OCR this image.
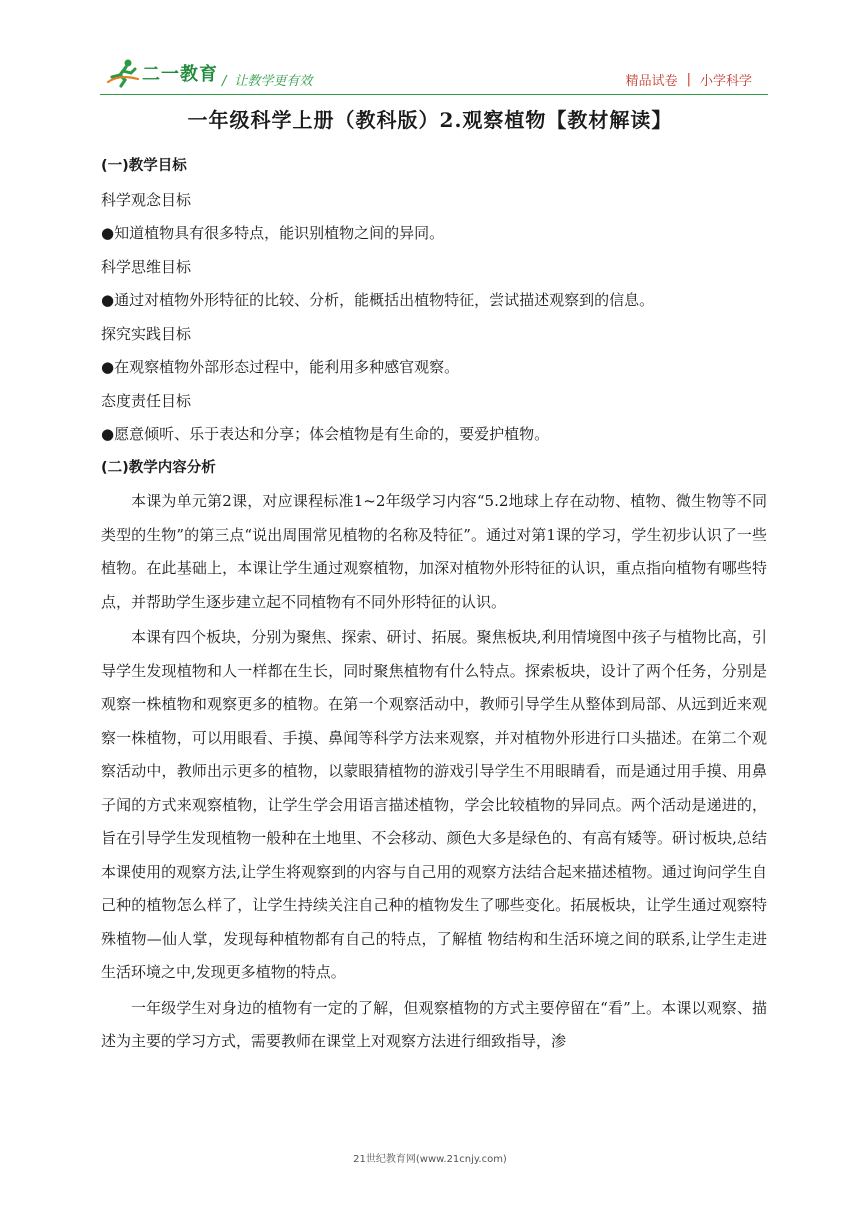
二一教育 / 让教学更有效	精品试卷 | 小学科学
一年级科学上册（教科版）2.观察植物【教材解读】
(一)教学目标
科学观念目标
●知道植物具有很多特点，能识别植物之间的异同。
科学思维目标
●通过对植物外形特征的比较、分析，能概括出植物特征，尝试描述观察到的信息。
探究实践目标
●在观察植物外部形态过程中，能利用多种感官观察。
态度责任目标
●愿意倾听、乐于表达和分享；体会植物是有生命的，要爱护植物。
(二)教学内容分析

本课为单元第2课，对应课程标准1~2年级学习内容“5.2地球上存在动物、植物、微生物等不同类型的生物”的第三点“说出周围常见植物的名称及特征”。通过对第1课的学习，学生初步认识了一些植物。在此基础上，本课让学生通过观察植物，加深对植物外形特征的认识，重点指向植物有哪些特点，并帮助学生逐步建立起不同植物有不同外形特征的认识。

本课有四个板块，分别为聚焦、探索、研讨、拓展。聚焦板块,利用情境图中孩子与植物比高，引导学生发现植物和人一样都在生长，同时聚焦植物有什么特点。探索板块，设计了两个任务，分别是观察一株植物和观察更多的植物。在第一个观察活动中，教师引导学生从整体到局部、从远到近来观察一株植物，可以用眼看、手摸、鼻闻等科学方法来观察，并对植物外形进行口头描述。在第二个观察活动中，教师出示更多的植物，以蒙眼猜植物的游戏引导学生不用眼睛看，而是通过用手摸、用鼻子闻的方式来观察植物，让学生学会用语言描述植物，学会比较植物的异同点。两个活动是递进的，旨在引导学生发现植物一般种在土地里、不会移动、颜色大多是绿色的、有高有矮等。研讨板块,总结本课使用的观察方法,让学生将观察到的内容与自己用的观察方法结合起来描述植物。通过询问学生自己种的植物怎么样了，让学生持续关注自己种的植物发生了哪些变化。拓展板块，让学生通过观察特殊植物—仙人掌，发现每种植物都有自己的特点，了解植 物结构和生活环境之间的联系,让学生走进生活环境之中,发现更多植物的特点。

一年级学生对身边的植物有一定的了解，但观察植物的方式主要停留在“看”上。本课以观察、描述为主要的学习方式，需要教师在课堂上对观察方法进行细致指导，渗

21世纪教育网(www.21cnjy.com)
